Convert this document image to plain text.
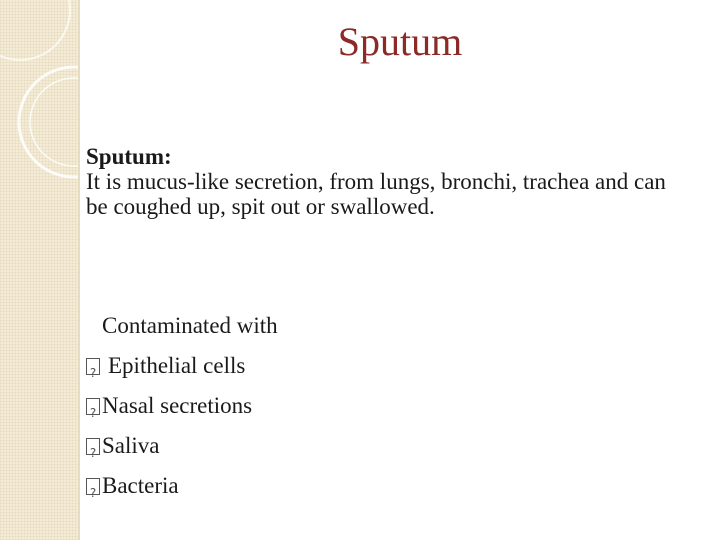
Sputum
Sputum:
It is mucus-like secretion, from lungs, bronchi, trachea and can be coughed up, spit out or swallowed.
Contaminated with
?Epithelial cells
?Nasal secretions
?Saliva
?Bacteria
